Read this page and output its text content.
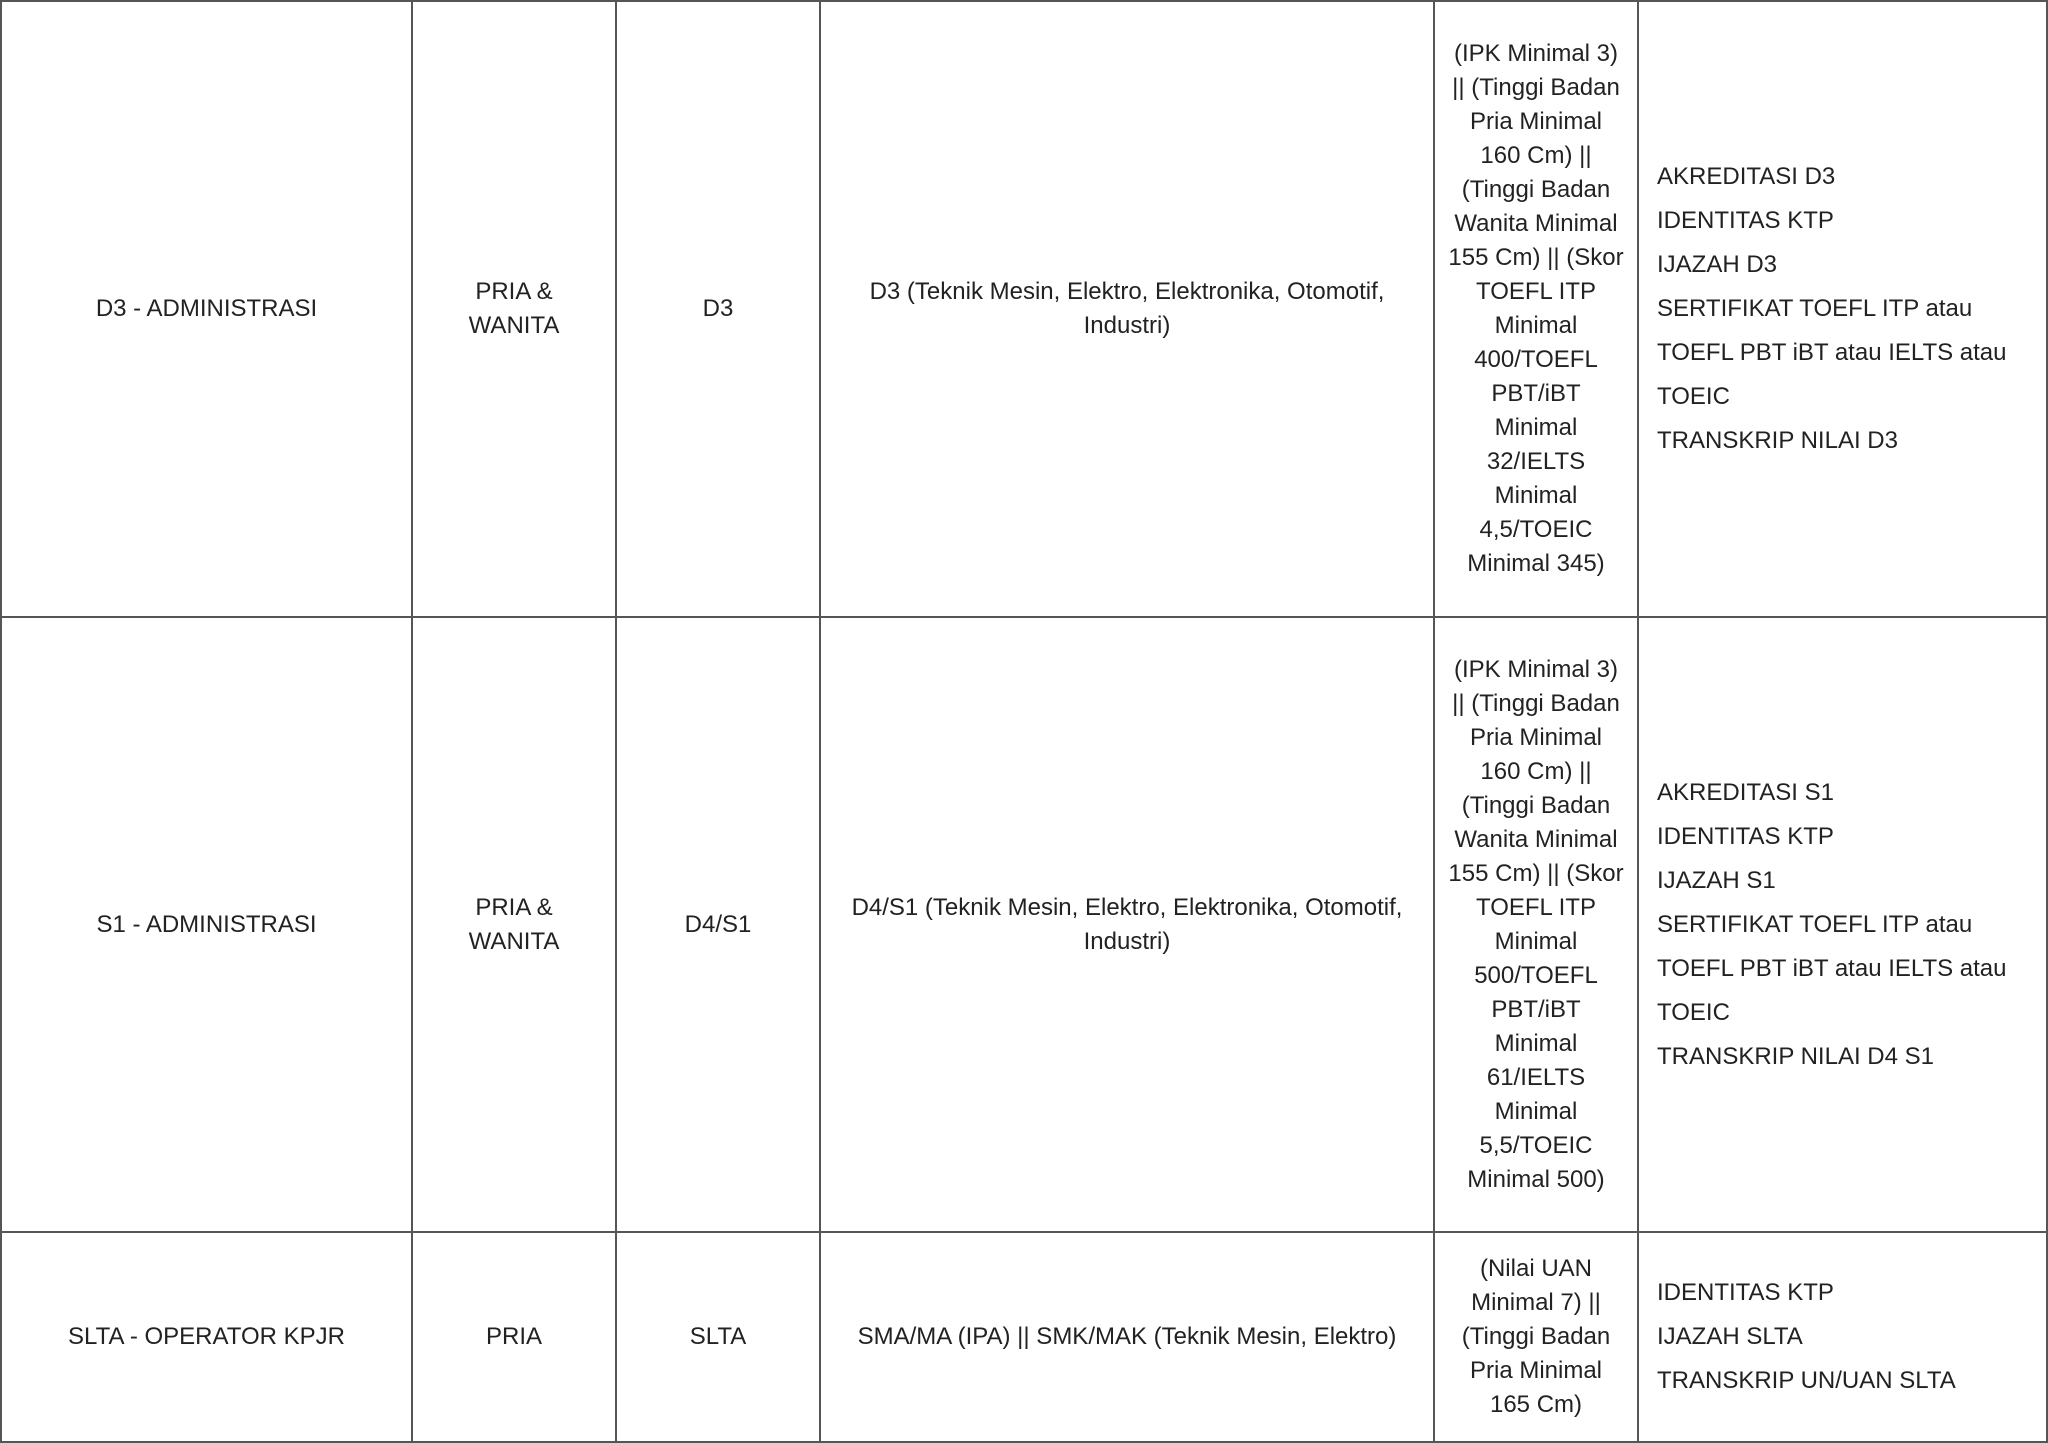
D3 - ADMINISTRASI	PRIA & WANITA	D3	D3 (Teknik Mesin, Elektro, Elektronika, Otomotif, Industri)	(IPK Minimal 3) || (Tinggi Badan Pria Minimal 160 Cm) || (Tinggi Badan Wanita Minimal 155 Cm) || (Skor TOEFL ITP Minimal 400/TOEFL PBT/iBT Minimal 32/IELTS Minimal 4,5/TOEIC Minimal 345)	AKREDITASI D3
IDENTITAS KTP
IJAZAH D3
SERTIFIKAT TOEFL ITP atau TOEFL PBT iBT atau IELTS atau TOEIC
TRANSKRIP NILAI D3

S1 - ADMINISTRASI	PRIA & WANITA	D4/S1	D4/S1 (Teknik Mesin, Elektro, Elektronika, Otomotif, Industri)	(IPK Minimal 3) || (Tinggi Badan Pria Minimal 160 Cm) || (Tinggi Badan Wanita Minimal 155 Cm) || (Skor TOEFL ITP Minimal 500/TOEFL PBT/iBT Minimal 61/IELTS Minimal 5,5/TOEIC Minimal 500)	AKREDITASI S1
IDENTITAS KTP
IJAZAH S1
SERTIFIKAT TOEFL ITP atau TOEFL PBT iBT atau IELTS atau TOEIC
TRANSKRIP NILAI D4 S1

SLTA - OPERATOR KPJR	PRIA	SLTA	SMA/MA (IPA) || SMK/MAK (Teknik Mesin, Elektro)	(Nilai UAN Minimal 7) || (Tinggi Badan Pria Minimal 165 Cm)	IDENTITAS KTP
IJAZAH SLTA
TRANSKRIP UN/UAN SLTA
